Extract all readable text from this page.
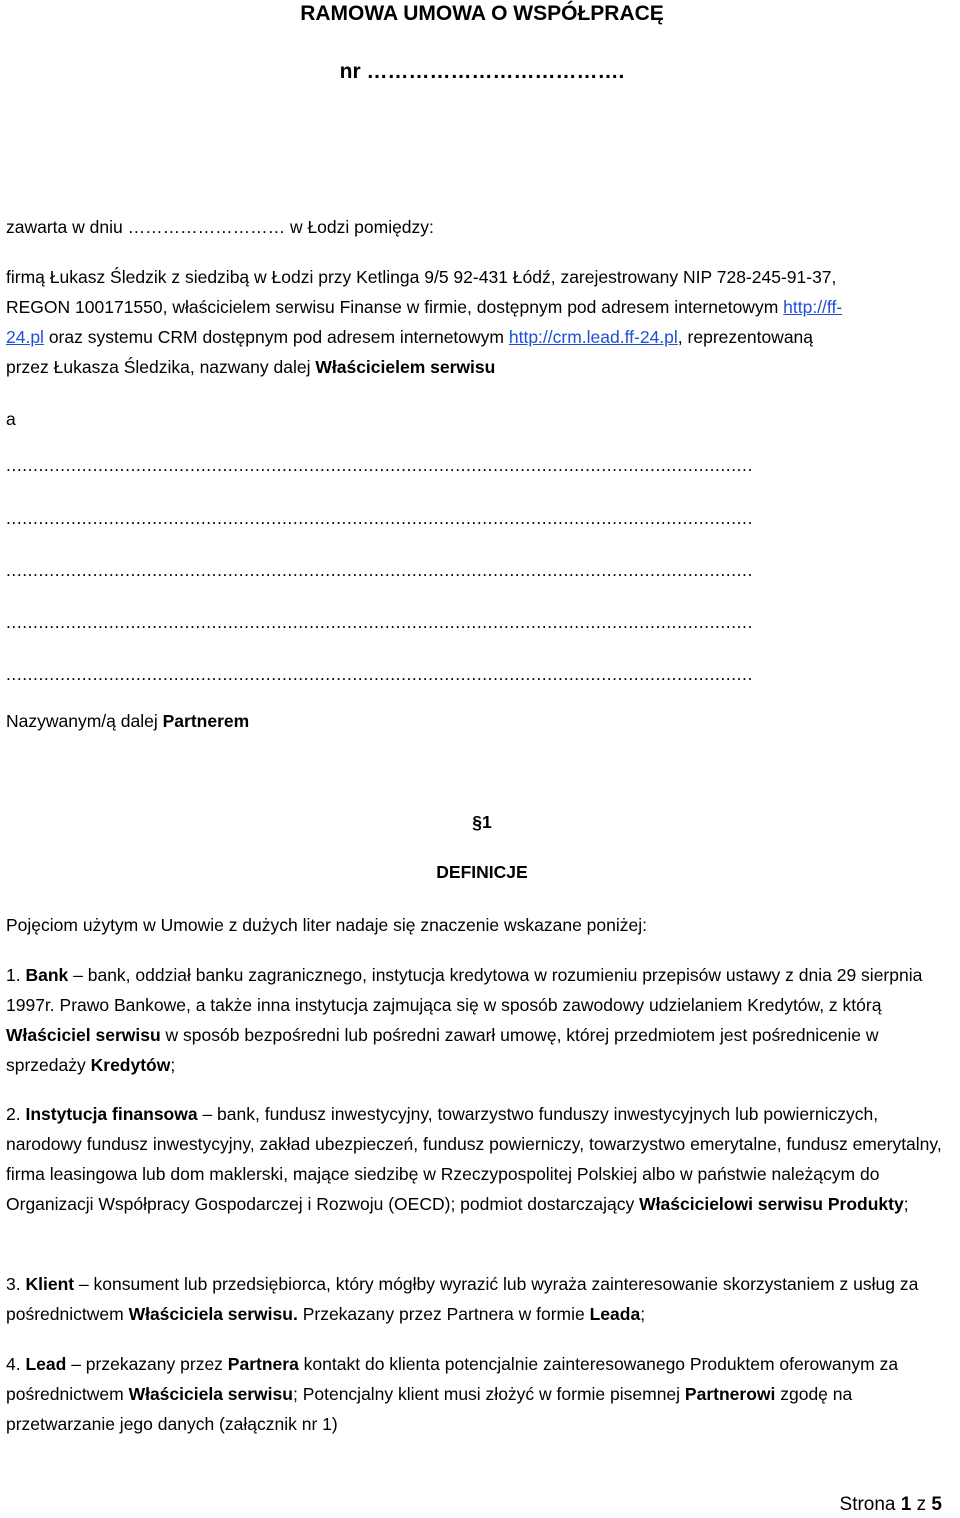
RAMOWA UMOWA O WSPÓŁPRACĘ
nr ……………………………….
zawarta w dniu ……………………… w Łodzi pomiędzy:
firmą Łukasz Śledzik z siedzibą w Łodzi przy Ketlinga 9/5 92-431 Łódź, zarejestrowany NIP 728-245-91-37,
REGON 100171550, właścicielem serwisu Finanse w firmie, dostępnym pod adresem internetowym http://ff-
24.pl oraz systemu CRM dostępnym pod adresem internetowym http://crm.lead.ff-24.pl, reprezentowaną
przez Łukasza Śledzika, nazwany dalej Właścicielem serwisu
a
..........................................................................................................................................
..........................................................................................................................................
..........................................................................................................................................
..........................................................................................................................................
..........................................................................................................................................
Nazywanym/ą dalej Partnerem
§1
DEFINICJE
Pojęciom użytym w Umowie z dużych liter nadaje się znaczenie wskazane poniżej:
1. Bank – bank, oddział banku zagranicznego, instytucja kredytowa w rozumieniu przepisów ustawy z dnia 29 sierpnia 1997r. Prawo Bankowe, a także inna instytucja zajmująca się w sposób zawodowy udzielaniem Kredytów, z którą Właściciel serwisu w sposób bezpośredni lub pośredni zawarł umowę, której przedmiotem jest pośrednicenie w sprzedaży Kredytów;
2. Instytucja finansowa – bank, fundusz inwestycyjny, towarzystwo funduszy inwestycyjnych lub powierniczych, narodowy fundusz inwestycyjny, zakład ubezpieczeń, fundusz powierniczy, towarzystwo emerytalne, fundusz emerytalny, firma leasingowa lub dom maklerski, mające siedzibę w Rzeczypospolitej Polskiej albo w państwie należącym do Organizacji Współpracy Gospodarczej i Rozwoju (OECD); podmiot dostarczający Właścicielowi serwisu Produkty;
3. Klient – konsument lub przedsiębiorca, który mógłby wyrazić lub wyraża zainteresowanie skorzystaniem z usług za pośrednictwem Właściciela serwisu. Przekazany przez Partnera w formie Leada;
4. Lead – przekazany przez Partnera kontakt do klienta potencjalnie zainteresowanego Produktem oferowanym za pośrednictwem Właściciela serwisu; Potencjalny klient musi złożyć w formie pisemnej Partnerowi zgodę na przetwarzanie jego danych (załącznik nr 1)
Strona 1 z 5
